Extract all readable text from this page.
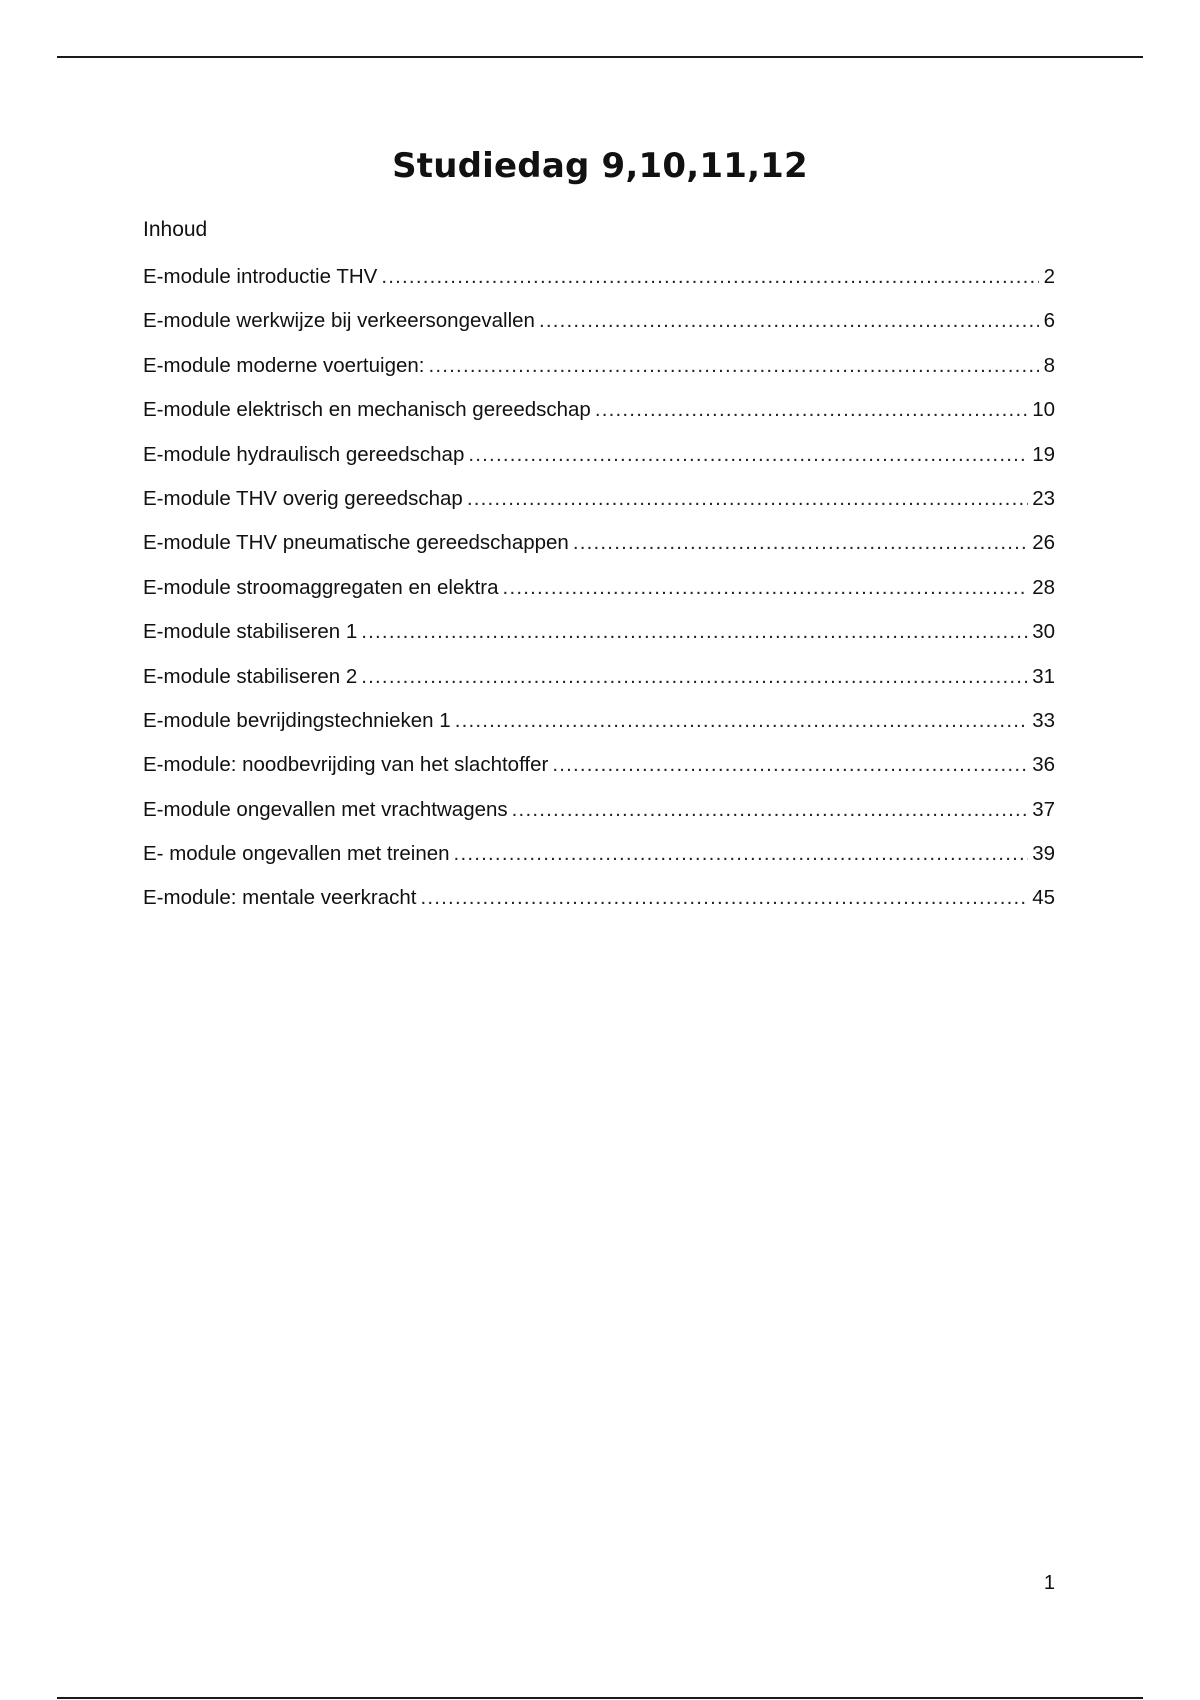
Studiedag 9,10,11,12

Inhoud

E-module introductie THV .....	2
E-module werkwijze bij verkeersongevallen .....	6
E-module moderne voertuigen: .....	8
E-module elektrisch en mechanisch gereedschap .....	10
E-module hydraulisch gereedschap .....	19
E-module THV overig gereedschap .....	23
E-module THV pneumatische gereedschappen .....	26
E-module stroomaggregaten en elektra .....	28
E-module stabiliseren 1 .....	30
E-module stabiliseren 2 .....	31
E-module bevrijdingstechnieken 1 .....	33
E-module: noodbevrijding van het slachtoffer .....	36
E-module ongevallen met vrachtwagens .....	37
E- module ongevallen met treinen .....	39
E-module: mentale veerkracht .....	45
1
